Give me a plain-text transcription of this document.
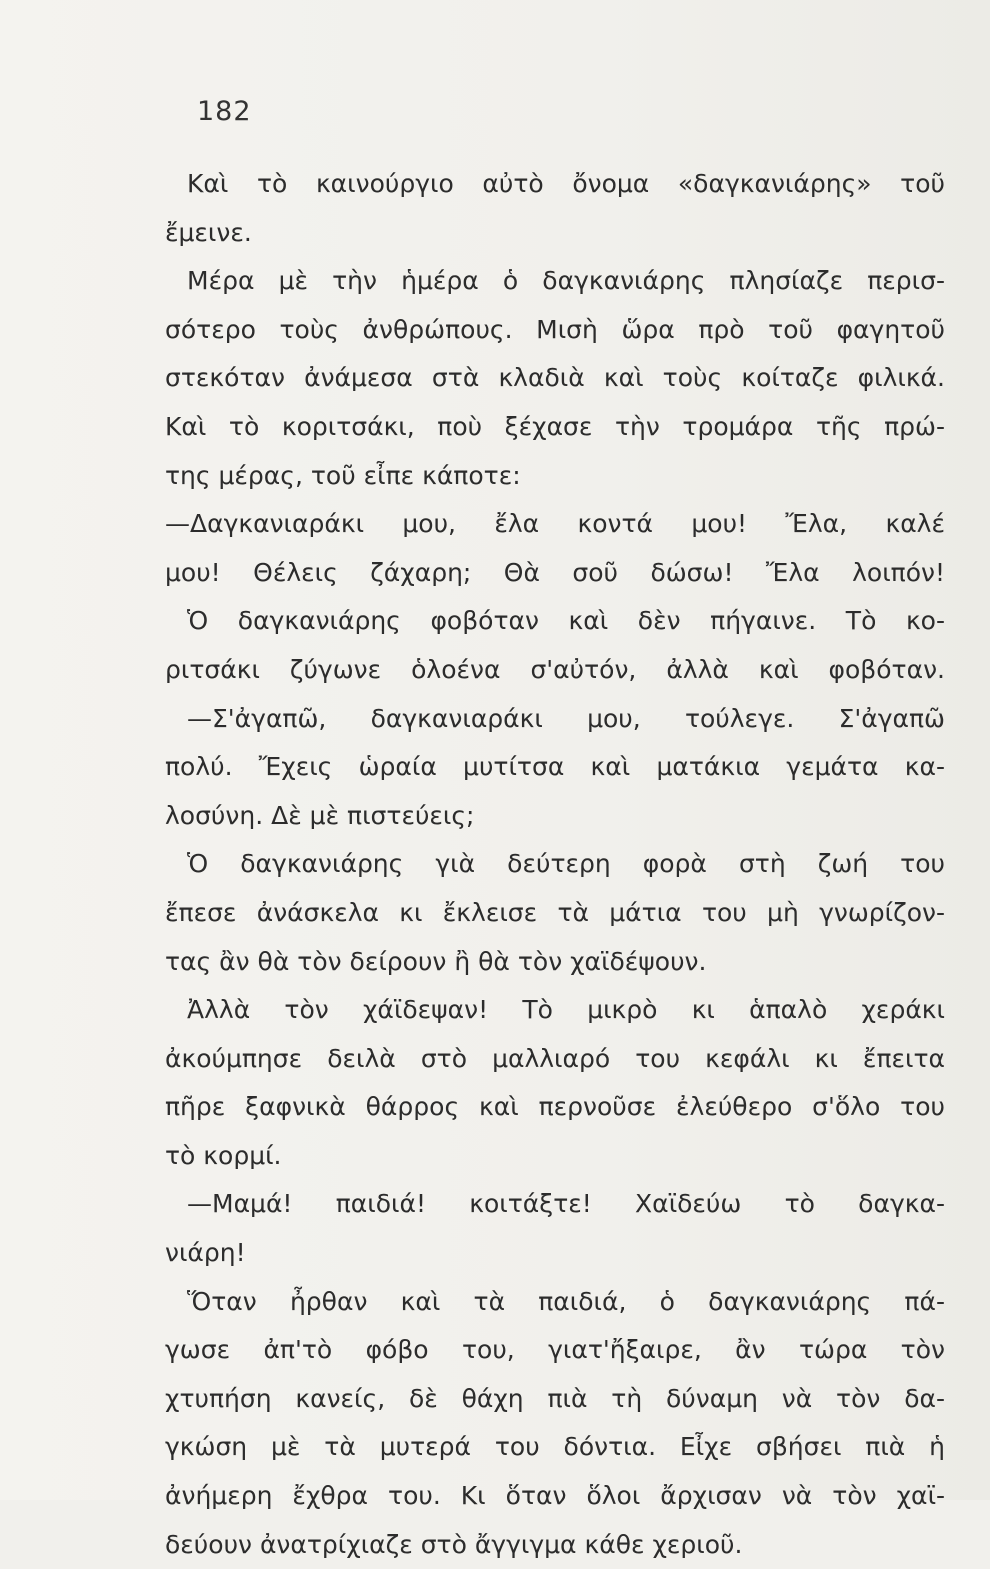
182
Καὶ τὸ καινούργιο αὐτὸ ὄνομα «δαγκανιάρης» τοῦ
ἔμεινε.
Μέρα μὲ τὴν ἡμέρα ὁ δαγκανιάρης πλησίαζε περισ-
σότερο τοὺς ἀνθρώπους. Μισὴ ὥρα πρὸ τοῦ φαγητοῦ
στεκόταν ἀνάμεσα στὰ κλαδιὰ καὶ τοὺς κοίταζε φιλικά.
Καὶ τὸ κοριτσάκι, ποὺ ξέχασε τὴν τρομάρα τῆς πρώ-
της μέρας, τοῦ εἶπε κάποτε:
—Δαγκανιαράκι μου, ἔλα κοντά μου! Ἔλα, καλέ
μου! Θέλεις ζάχαρη; Θὰ σοῦ δώσω! Ἔλα λοιπόν!
Ὁ δαγκανιάρης φοβόταν καὶ δὲν πήγαινε. Τὸ κο-
ριτσάκι ζύγωνε ὁλοένα σ'αὐτόν, ἀλλὰ καὶ φοβόταν.
—Σ'ἀγαπῶ, δαγκανιαράκι μου, τούλεγε. Σ'ἀγαπῶ
πολύ. Ἔχεις ὡραία μυτίτσα καὶ ματάκια γεμάτα κα-
λοσύνη. Δὲ μὲ πιστεύεις;
Ὁ δαγκανιάρης γιὰ δεύτερη φορὰ στὴ ζωή του
ἔπεσε ἀνάσκελα κι ἔκλεισε τὰ μάτια του μὴ γνωρίζον-
τας ἂν θὰ τὸν δείρουν ἢ θὰ τὸν χαϊδέψουν.
Ἀλλὰ τὸν χάϊδεψαν! Τὸ μικρὸ κι ἁπαλὸ χεράκι
ἀκούμπησε δειλὰ στὸ μαλλιαρό του κεφάλι κι ἔπειτα
πῆρε ξαφνικὰ θάρρος καὶ περνοῦσε ἐλεύθερο σ'ὅλο του
τὸ κορμί.
—Μαμά! παιδιά! κοιτάξτε! Χαϊδεύω τὸ δαγκα-
νιάρη!
Ὅταν ἦρθαν καὶ τὰ παιδιά, ὁ δαγκανιάρης πά-
γωσε ἀπ'τὸ φόβο του, γιατ'ἤξαιρε, ἂν τώρα τὸν
χτυπήση κανείς, δὲ θάχη πιὰ τὴ δύναμη νὰ τὸν δα-
γκώση μὲ τὰ μυτερά του δόντια. Εἶχε σβήσει πιὰ ἡ
ἀνήμερη ἔχθρα του. Κι ὅταν ὅλοι ἄρχισαν νὰ τὸν χαϊ-
δεύουν ἀνατρίχιαζε στὸ ἄγγιγμα κάθε χεριοῦ.
